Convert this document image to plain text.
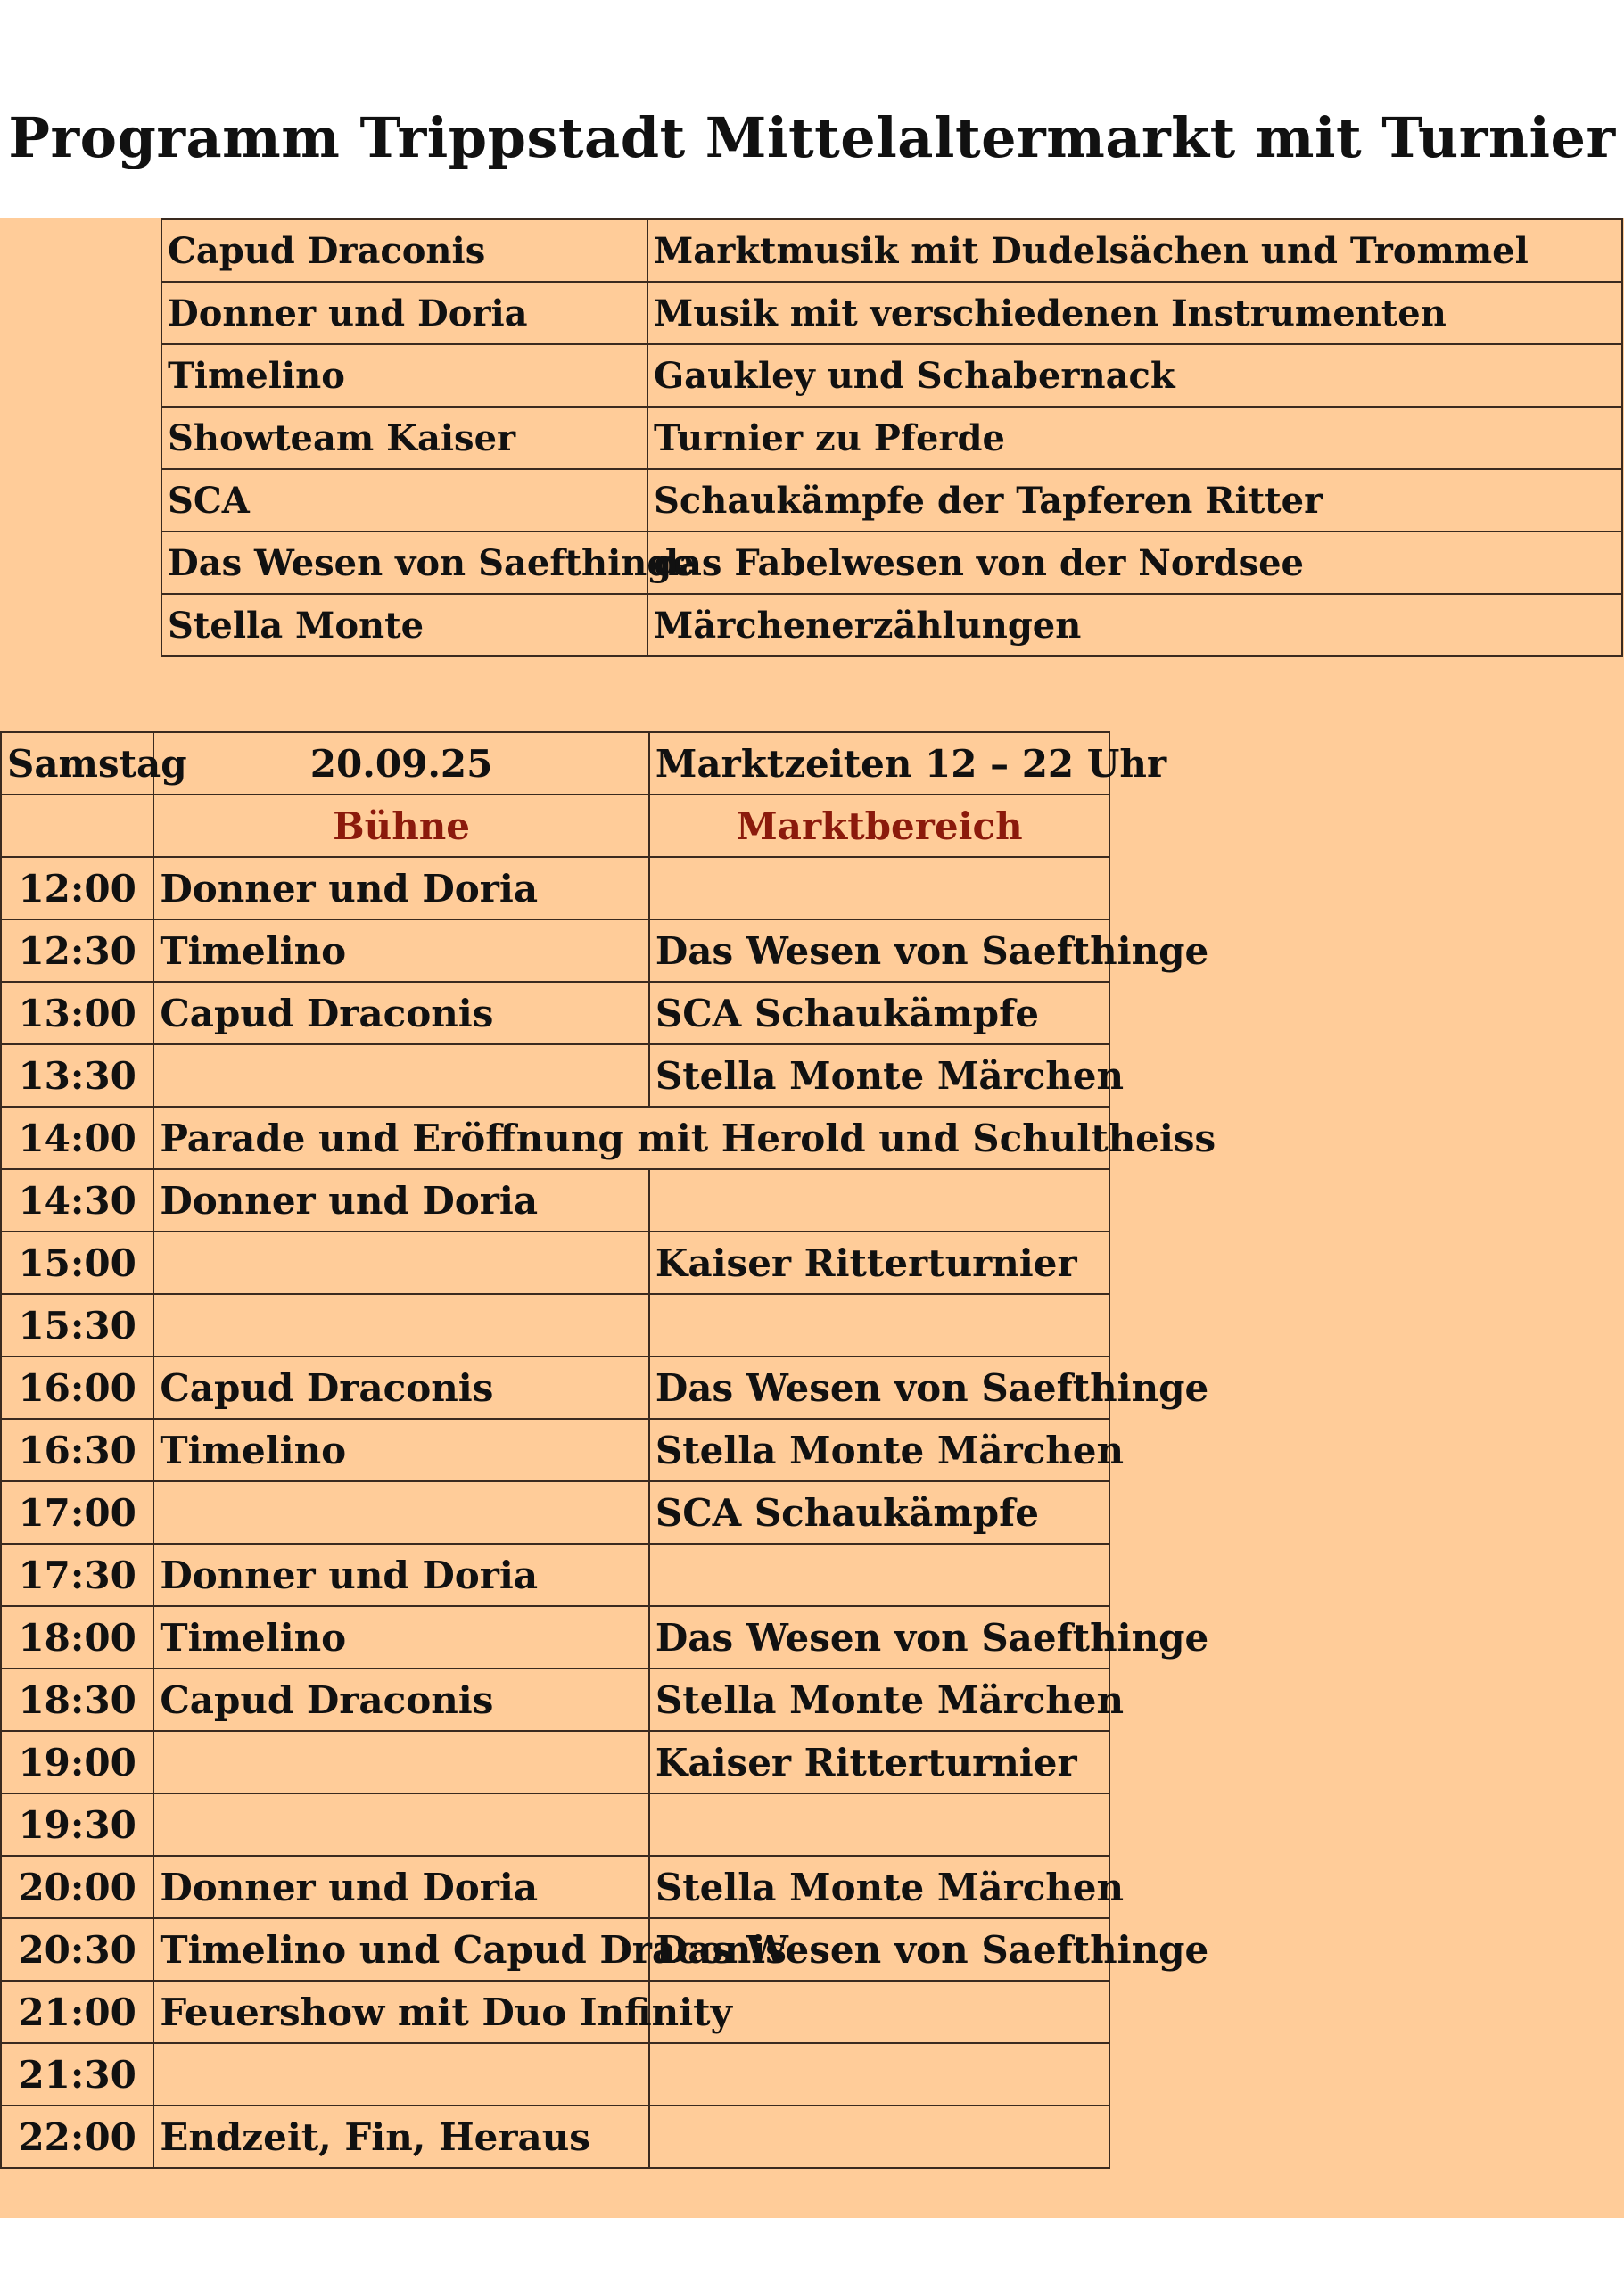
Programm Trippstadt Mittelaltermarkt mit Turnier
Capud Draconis	Marktmusik mit Dudelsächen und Trommel
Donner und Doria	Musik mit verschiedenen Instrumenten
Timelino	Gaukley und Schabernack
Showteam Kaiser	Turnier zu Pferde
SCA	Schaukämpfe der Tapferen Ritter
Das Wesen von Saefthinge	das Fabelwesen von der Nordsee
Stella Monte	Märchenerzählungen
Samstag	20.09.25	Marktzeiten 12 – 22 Uhr
	Bühne	Marktbereich
12:00	Donner und Doria	
12:30	Timelino	Das Wesen von Saefthinge
13:00	Capud Draconis	SCA Schaukämpfe
13:30		Stella Monte Märchen
14:00	Parade und Eröffnung mit Herold und Schultheiss	
14:30	Donner und Doria	
15:00		Kaiser Ritterturnier
15:30		
16:00	Capud Draconis	Das Wesen von Saefthinge
16:30	Timelino	Stella Monte Märchen
17:00		SCA Schaukämpfe
17:30	Donner und Doria	
18:00	Timelino	Das Wesen von Saefthinge
18:30	Capud Draconis	Stella Monte Märchen
19:00		Kaiser Ritterturnier
19:30		
20:00	Donner und Doria	Stella Monte Märchen
20:30	Timelino und Capud Draconis	Das Wesen von Saefthinge
21:00	Feuershow mit Duo Infinity	
21:30		
22:00	Endzeit, Fin, Heraus	
